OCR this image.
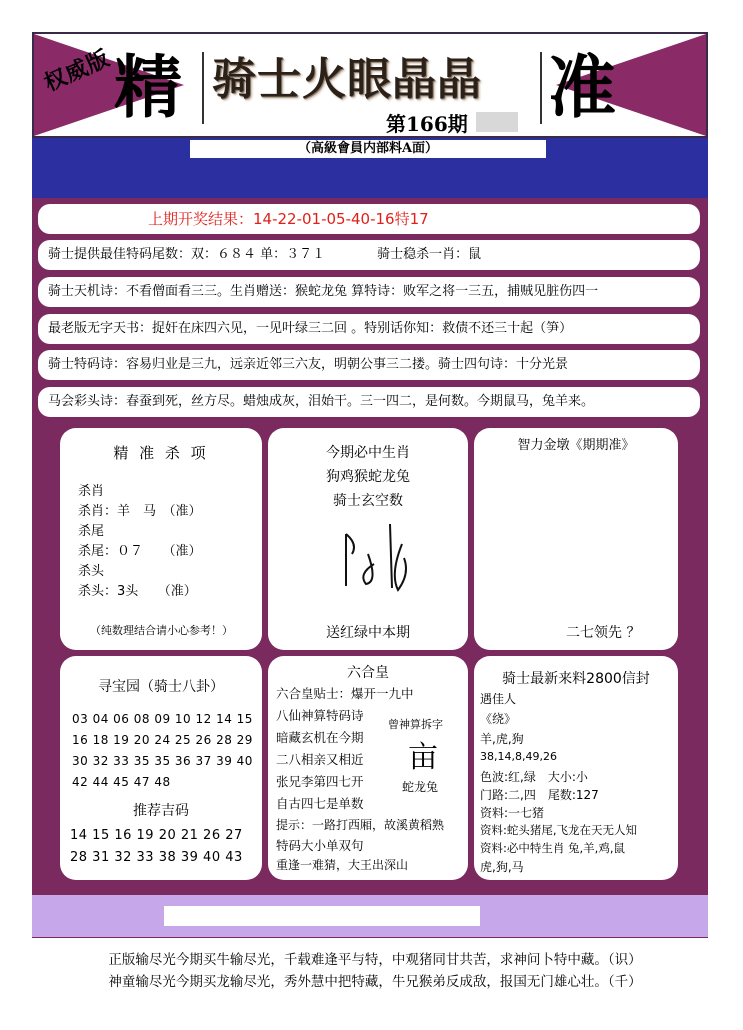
权威版 精 骑士火眼晶晶
第166期 准
（高級會員内部料A面）
上期开奖结果：14-22-01-05-40-16特17
骑士提供最佳特码尾数：双：６８４ 单：３７１　　　　骑士稳杀一肖：鼠
骑士天机诗：不看僧面看三三。生肖赠送：猴蛇龙兔 算特诗：败军之将一三五，捕贼见脏伤四一
最老版无字天书：捉奸在床四六见，一见叶绿三二回 。特别话你知：救债不还三十起（笋）
骑士特码诗：容易归业是三九，远亲近邻三六友，明朝公事三二搂。骑士四句诗：十分光景
马会彩头诗：春蚕到死，丝方尽。蜡烛成灰，泪始干。三一四二，是何数。今期鼠马，兔羊来。
精 准 杀 项
杀肖
杀肖：羊　马　（准）
杀尾
杀尾：０７　　（准）
杀头
杀头：3头　　（准）
（纯数理结合请小心参考！）
今期必中生肖
狗鸡猴蛇龙兔
骑士玄空数
送红绿中本期
智力金墩《期期准》
二七领先 ？
寻宝园（骑士八卦）
03 04 06 08 09 10 12 14 15
16 18 19 20 24 25 26 28 29
30 32 33 35 35 36 37 39 40
42 44 45 47 48
推荐吉码
14 15 16 19 20 21 26 27
28 31 32 33 38 39 40 43
六合皇
六合皇贴士：爆开一九中
八仙神算特码诗
暗藏玄机在今期
二八相亲又相近
张兄李第四七开
自古四七是单数
提示：一路打西厢，故溪黄稻熟
特码大小单双句
重逢一难猜，大王出深山
曾神算拆字
亩
蛇龙兔
骑士最新来料2800信封
遇佳人
《绕》
羊,虎,狗
38,14,8,49,26
色波:红,绿　大小:小
门路:二,四　尾数:127
资料:一七猪
资料:蛇头猪尾,飞龙在天无人知
资料:必中特生肖 兔,羊,鸡,鼠
虎,狗,马
正版输尽光今期买牛输尽光，千载难逢平与特，中观猪同甘共苦，求神问卜特中藏。（识）
神童输尽光今期买龙输尽光，秀外慧中把特藏，牛兄猴弟反成敌，报国无门雄心壮。（千）
